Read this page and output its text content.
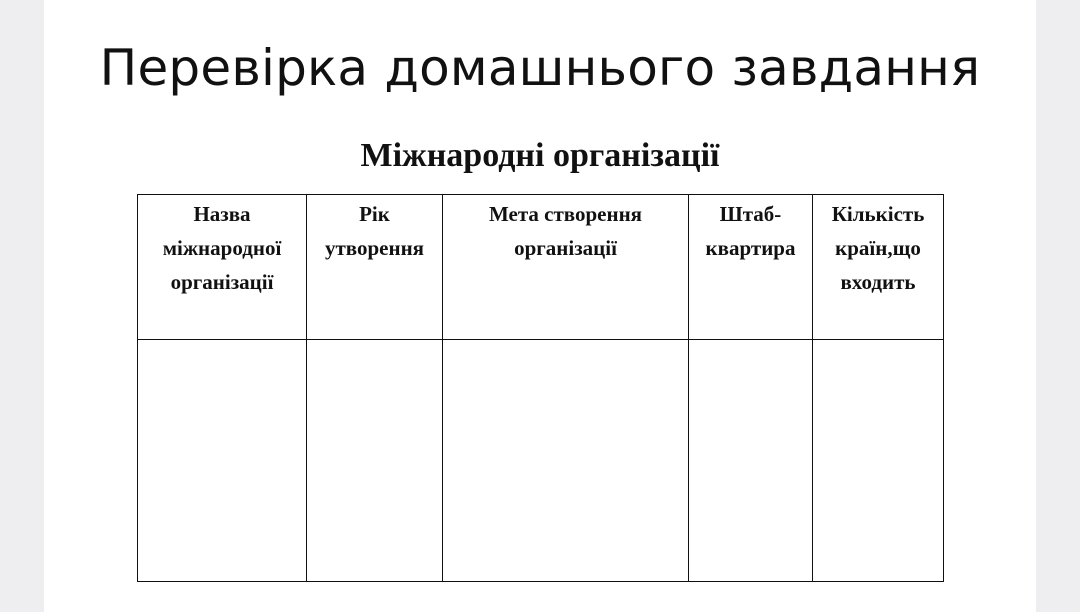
Перевірка домашнього завдання
Міжнародні організації
Назва міжнародної організації	Рік утворення	Мета створення організації	Штаб-квартира	Кількість країн,що входить
